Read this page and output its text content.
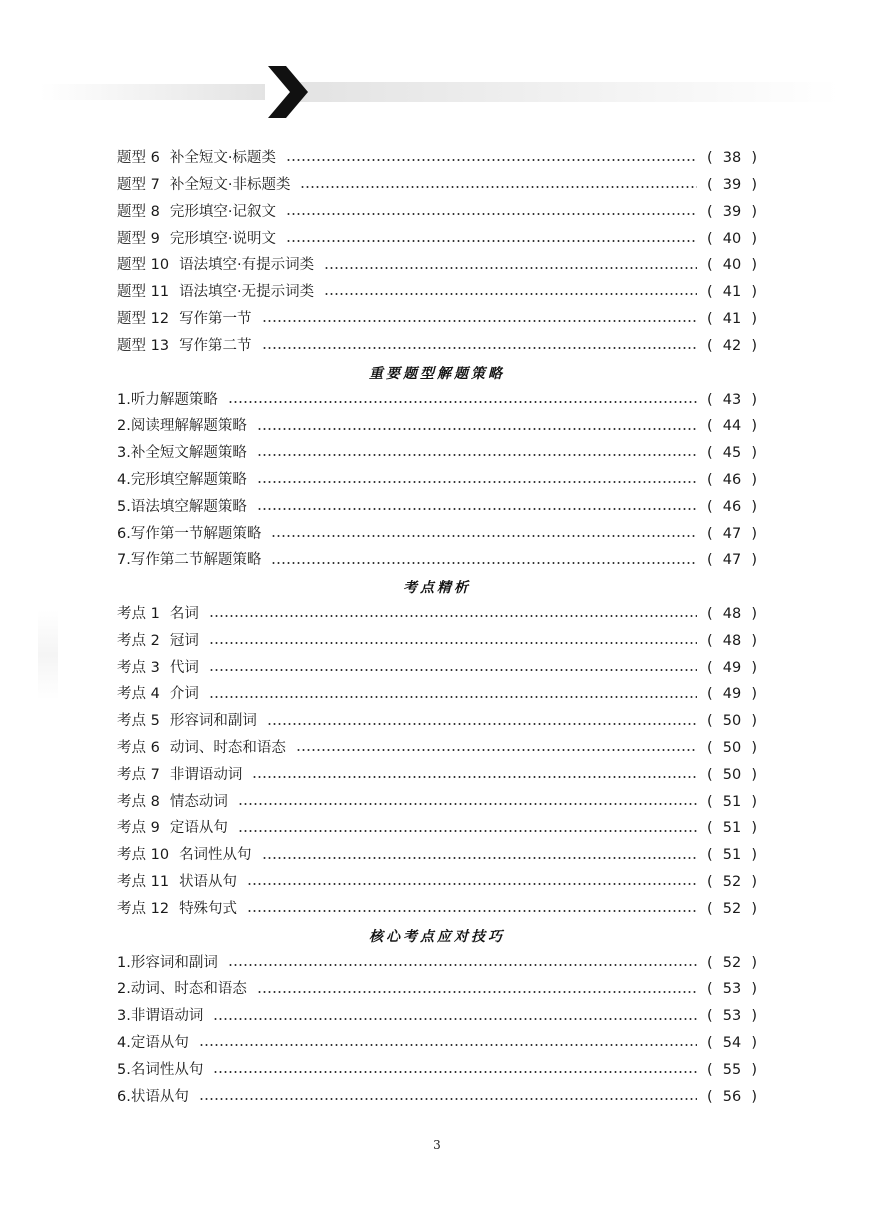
题型 6 补全短文·标题类	( 38 )
题型 7 补全短文·非标题类	( 39 )
题型 8 完形填空·记叙文	( 39 )
题型 9 完形填空·说明文	( 40 )
题型 10 语法填空·有提示词类	( 40 )
题型 11 语法填空·无提示词类	( 41 )
题型 12 写作第一节	( 41 )
题型 13 写作第二节	( 42 )
重要题型解题策略
1.听力解题策略	( 43 )
2.阅读理解解题策略	( 44 )
3.补全短文解题策略	( 45 )
4.完形填空解题策略	( 46 )
5.语法填空解题策略	( 46 )
6.写作第一节解题策略	( 47 )
7.写作第二节解题策略	( 47 )
考点精析
考点 1 名词	( 48 )
考点 2 冠词	( 48 )
考点 3 代词	( 49 )
考点 4 介词	( 49 )
考点 5 形容词和副词	( 50 )
考点 6 动词、时态和语态	( 50 )
考点 7 非谓语动词	( 50 )
考点 8 情态动词	( 51 )
考点 9 定语从句	( 51 )
考点 10 名词性从句	( 51 )
考点 11 状语从句	( 52 )
考点 12 特殊句式	( 52 )
核心考点应对技巧
1.形容词和副词	( 52 )
2.动词、时态和语态	( 53 )
3.非谓语动词	( 53 )
4.定语从句	( 54 )
5.名词性从句	( 55 )
6.状语从句	( 56 )
3
